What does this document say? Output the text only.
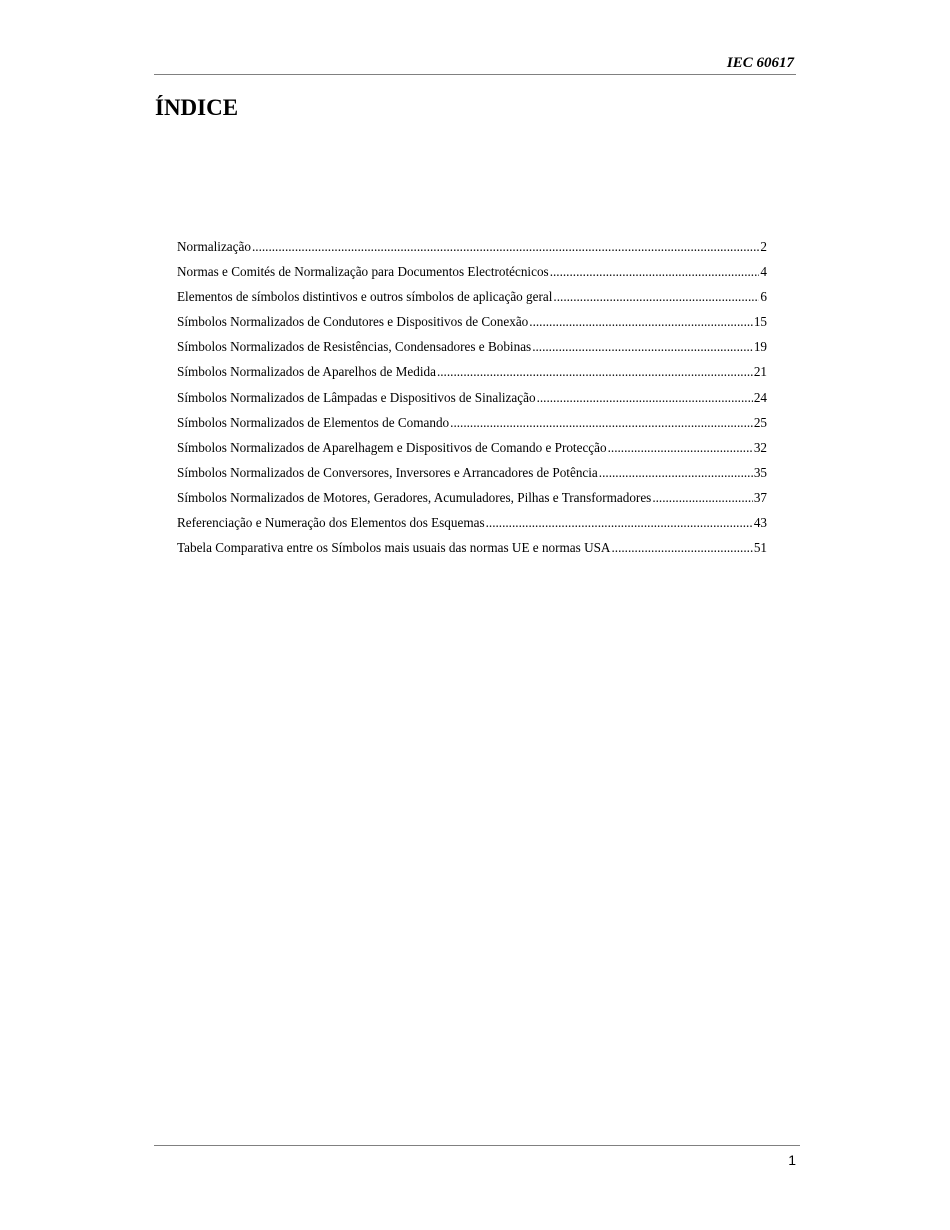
IEC 60617
ÍNDICE
Normalização .....	2
Normas e Comités de Normalização para Documentos Electrotécnicos .....	4
Elementos de símbolos distintivos e outros símbolos de aplicação geral .....	6
Símbolos Normalizados de Condutores e Dispositivos de Conexão .....	15
Símbolos Normalizados de Resistências, Condensadores e Bobinas .....	19
Símbolos Normalizados de Aparelhos de Medida .....	21
Símbolos Normalizados de Lâmpadas e Dispositivos de Sinalização .....	24
Símbolos Normalizados de Elementos de Comando .....	25
Símbolos Normalizados de Aparelhagem e Dispositivos de Comando e Protecção .....	32
Símbolos Normalizados de Conversores, Inversores e Arrancadores de Potência .....	35
Símbolos Normalizados de Motores, Geradores, Acumuladores, Pilhas e Transformadores .....	37
Referenciação e Numeração dos Elementos dos Esquemas .....	43
Tabela Comparativa entre os Símbolos mais usuais das normas UE e normas USA .....	51
1
